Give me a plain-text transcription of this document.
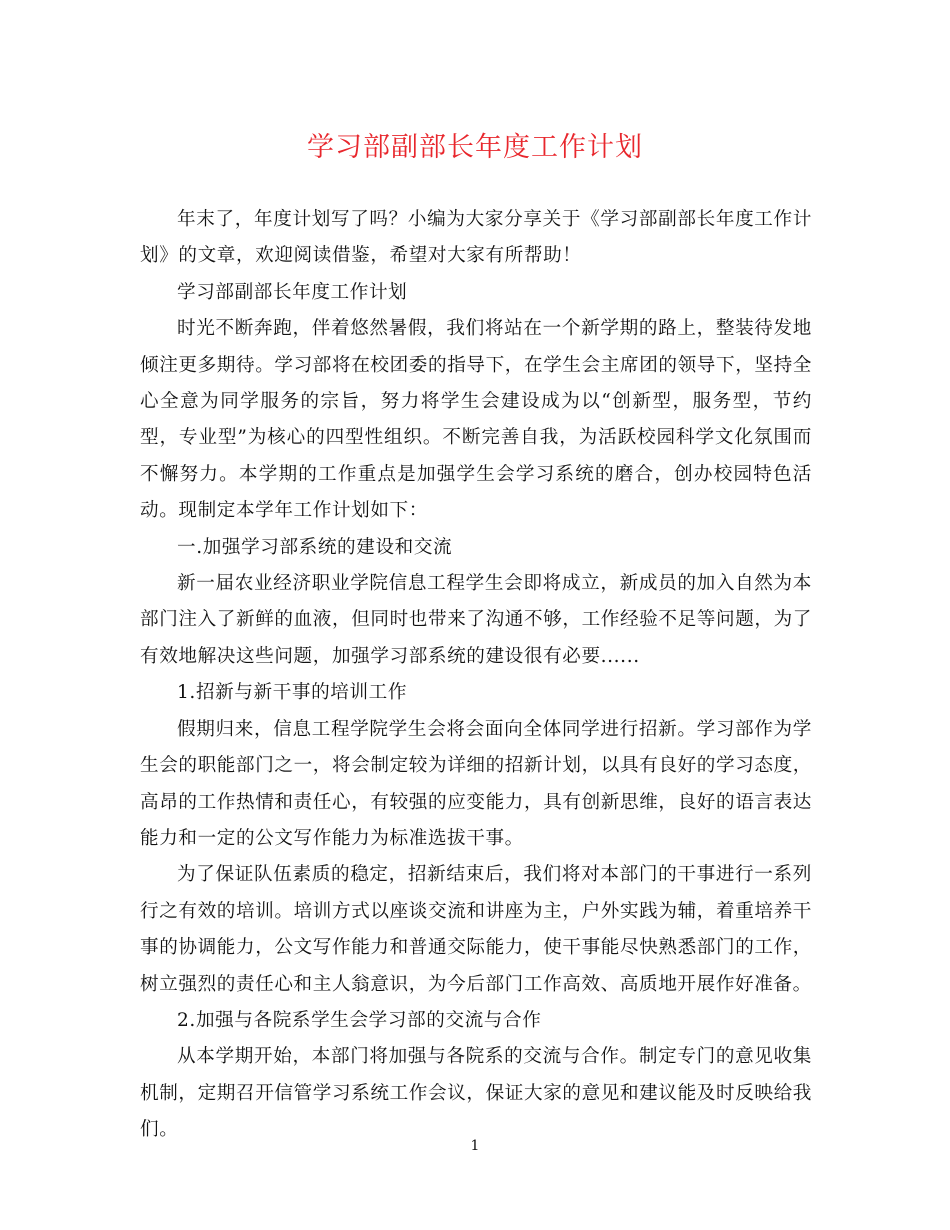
学习部副部长年度工作计划

年末了，年度计划写了吗？小编为大家分享关于《学习部副部长年度工作计划》的文章，欢迎阅读借鉴，希望对大家有所帮助！

学习部副部长年度工作计划

时光不断奔跑，伴着悠然暑假，我们将站在一个新学期的路上，整装待发地倾注更多期待。学习部将在校团委的指导下，在学生会主席团的领导下，坚持全心全意为同学服务的宗旨，努力将学生会建设成为以“创新型，服务型，节约型，专业型”为核心的四型性组织。不断完善自我，为活跃校园科学文化氛围而不懈努力。本学期的工作重点是加强学生会学习系统的磨合，创办校园特色活动。现制定本学年工作计划如下：

一.加强学习部系统的建设和交流

新一届农业经济职业学院信息工程学生会即将成立，新成员的加入自然为本部门注入了新鲜的血液，但同时也带来了沟通不够，工作经验不足等问题，为了有效地解决这些问题，加强学习部系统的建设很有必要......

1.招新与新干事的培训工作

假期归来，信息工程学院学生会将会面向全体同学进行招新。学习部作为学生会的职能部门之一，将会制定较为详细的招新计划，以具有良好的学习态度，高昂的工作热情和责任心，有较强的应变能力，具有创新思维，良好的语言表达能力和一定的公文写作能力为标准选拔干事。

为了保证队伍素质的稳定，招新结束后，我们将对本部门的干事进行一系列行之有效的培训。培训方式以座谈交流和讲座为主，户外实践为辅，着重培养干事的协调能力，公文写作能力和普通交际能力，使干事能尽快熟悉部门的工作，树立强烈的责任心和主人翁意识，为今后部门工作高效、高质地开展作好准备。

2.加强与各院系学生会学习部的交流与合作

从本学期开始，本部门将加强与各院系的交流与合作。制定专门的意见收集机制，定期召开信管学习系统工作会议，保证大家的意见和建议能及时反映给我们。

1
